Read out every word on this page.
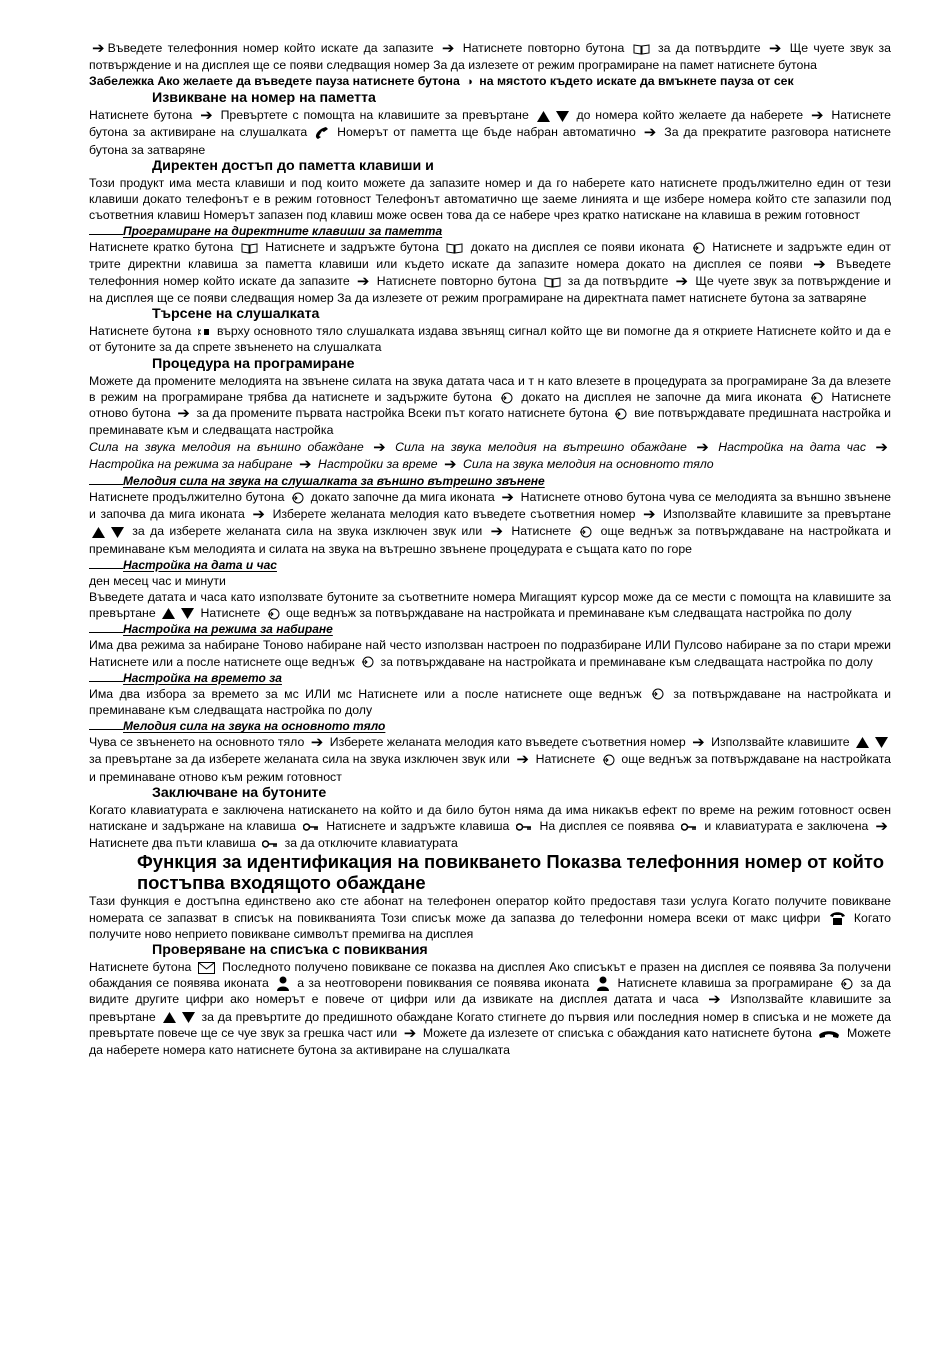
➔ Въведете телефонния номер който искате да запазите ➔ Натиснете повторно бутона  за да потвърдите ➔ Ще чуете звук за потвърждение и на дисплея ще се появи следващия номер За да излезете от режим програмиране на памет натиснете бутона
Забележка Ако желаете да въведете пауза натиснете бутона ◑ на мястото където искате да вмъкнете пауза от сек
Извикване на номер на паметта
Натиснете бутона ➔ Превъртете с помощта на клавишите за превъртане	до номера който желаете да наберете ➔ Натиснете бутона за активиране на слушалката  Номерът от паметта ще бъде набран автоматично ➔ За да прекратите разговора натиснете бутона за затваряне
Директен достъп до паметта клавиши и
Този продукт има места клавиши и под които можете да запазите номер и да го наберете като натиснете продължително един от тези клавиши докато телефонът е в режим готовност Телефонът автоматично ще заеме линията и ще избере номера който сте запазили под съответния клавиш Номерът запазен под клавиш може освен това да се набере чрез кратко натискане на клавиша в режим готовност
Програмиране на директните клавиши за паметта
Натиснете кратко бутона  Натиснете и задръжте бутона  докато на дисплея се появи иконата  Натиснете и задръжте един от трите директни клавиша за паметта клавиши или къдeто искате да запазите номера докато на дисплея се появи ➔ Въведете телефонния номер който искате да запазите ➔ Натиснете повторно бутона  за да потвърдите ➔ Ще чуете звук за потвърждение и на дисплея ще се появи следващия номер За да излезете от режим програмиране на директната памет натиснете бутона за затваряне
Търсене на слушалката
Натиснете бутона  върху основното тяло слушалката издава звънящ сигнал който ще ви помогне да я откриете Натиснете който и да е от бутоните за да спрете звъненето на слушалката
Процедура на програмиране
Можете да промените мелодията на звънене силата на звука датата часа и т н като влезете в процедурата за програмиране За да влезете в режим на програмиране трябва да натиснете и задържите бутона  докато на дисплея не започне да мига иконата  Натиснете отново бутона ➔ за да промените първата настройка Всеки път когато натиснете бутона  вие потвърждавате предишната настройка и преминавате към и следващата настройка
Сила на звука мелодия на външно обаждане ➔ Сила на звука мелодия на вътрешно обаждане ➔ Настройка на дата час ➔ Настройка на режима за набиране ➔ Настройки за време ➔ Сила на звука мелодия на основното тяло
Мелодия сила на звука на слушалката за външно вътрешно звънене
Натиснете продължително бутона  докато започне да мига иконата ➔ Натиснете отново бутона чува се мелодията за външно звънене и започва да мига иконата ➔ Изберете желаната мелодия като въведете съответния номер ➔ Използвайте клавишите за превъртане  за да изберете желаната сила на звука изключен звук или ➔ Натиснете  още веднъж за потвърждаване на настройката и преминаване към мелодията и силата на звука на вътрешно звънене процедурата е същата като по горе
Настройка на дата и час
ден месец час и минути
Въведете датата и часа като използвате бутоните за съответните номера Мигащият курсор може да се мести с помощта на клавишите за превъртане	Натиснете  още веднъж за потвърждаване на настройката и преминаване към следващата настройка по долу
Настройка на режима за набиране
Има два режима за набиране Тоново набиране най често използван настроен по подразбиране ИЛИ Пулсово набиране за по стари мрежи Натиснете или а после натиснете още веднъж  за потвърждаване на настройката и преминаване към следващата настройка по долу
Настройка на времето за
Има два избора за времето за мс ИЛИ мс Натиснете или а после натиснете още веднъж  за потвърждаване на настройката и преминаване към следващата настройка по долу
Мелодия сила на звука на основното тяло
Чува се звъненето на основното тяло ➔ Изберете желаната мелодия като въведете съответния номер ➔ Използвайте клавишите  за превъртане за да изберете желаната сила на звука изключен звук или ➔ Натиснете  още веднъж за потвърждаване на настройката и преминаване отново към режим готовност
Заключване на бутоните
Когато клавиатурата е заключена натискането на който и да било бутон няма да има никакъв ефект по време на режим готовност освен натискане и задържане на клавиша  Натиснете и задръжте клавиша  На дисплея се появява  и клавиатурата е заключена ➔ Натиснете два пъти клавиша  за да отключите клавиатурата
Функция за идентификация на повикването Показва телефонния номер от който постъпва входящото обаждане
Тази функция е достъпна единствено ако сте абонат на телефонен оператор който предоставя тази услуга Когато получите повикване номерата се запазват в списък на повикванията Този списък може да запазва до телефонни номера всеки от макс цифри  Когато получите ново неприето повикване символът премигва на дисплея
Проверяване на списъка с повиквания
Натиснете бутона  Последното получено повикване се показва на дисплея Ако списъкът е празен на дисплея се появява За получени обаждания се появява иконата  а за неотговорени повиквания се появява иконата  Натиснете клавиша за програмиране  за да видите другите цифри ако номерът е повече от цифри или да извикате на дисплея датата и часа ➔ Използвайте клавишите за превъртане	за да превъртите до предишното обаждане Когато стигнете до първия или последния номер в списъка и не можете да превъртате повече ще се чуе звук за грешка част или ➔ Можете да излезете от списъка с обаждания като натиснете бутона	Можете да наберете номера като натиснете бутона за активиране на слушалката
